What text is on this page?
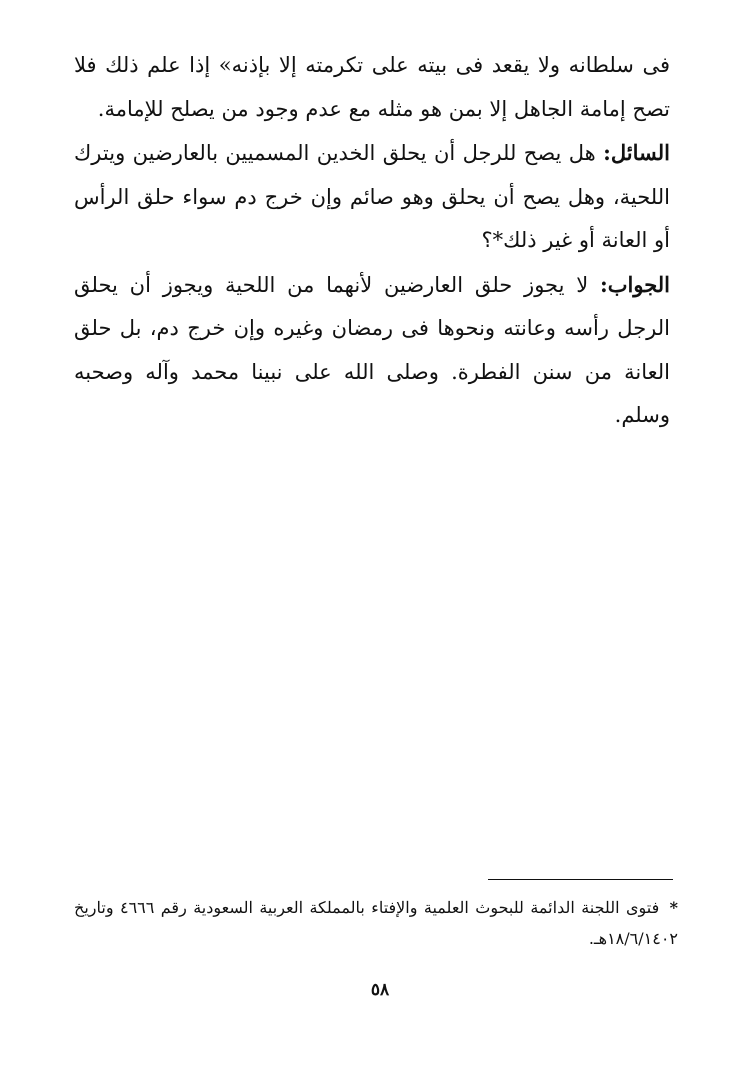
فى سلطانه ولا يقعد فى بيته على تكرمته إلا بإذنه» إذا علم ذلك فلا تصح إمامة الجاهل إلا بمن هو مثله مع عدم وجود من يصلح للإمامة.

السائل: هل يصح للرجل أن يحلق الخدين المسميين بالعارضين ويترك اللحية، وهل يصح أن يحلق وهو صائم وإن خرج دم سواء حلق الرأس أو العانة أو غير ذلك*؟

الجواب: لا يجوز حلق العارضين لأنهما من اللحية ويجوز أن يحلق الرجل رأسه وعانته ونحوها فى رمضان وغيره وإن خرج دم، بل حلق العانة من سنن الفطرة. وصلى الله على نبينا محمد وآله وصحبه وسلم.

* فتوى اللجنة الدائمة للبحوث العلمية والإفتاء بالمملكة العربية السعودية رقم ٤٦٦٦ وتاريخ ١٨/٦/١٤٠٢هـ.
٥٨
